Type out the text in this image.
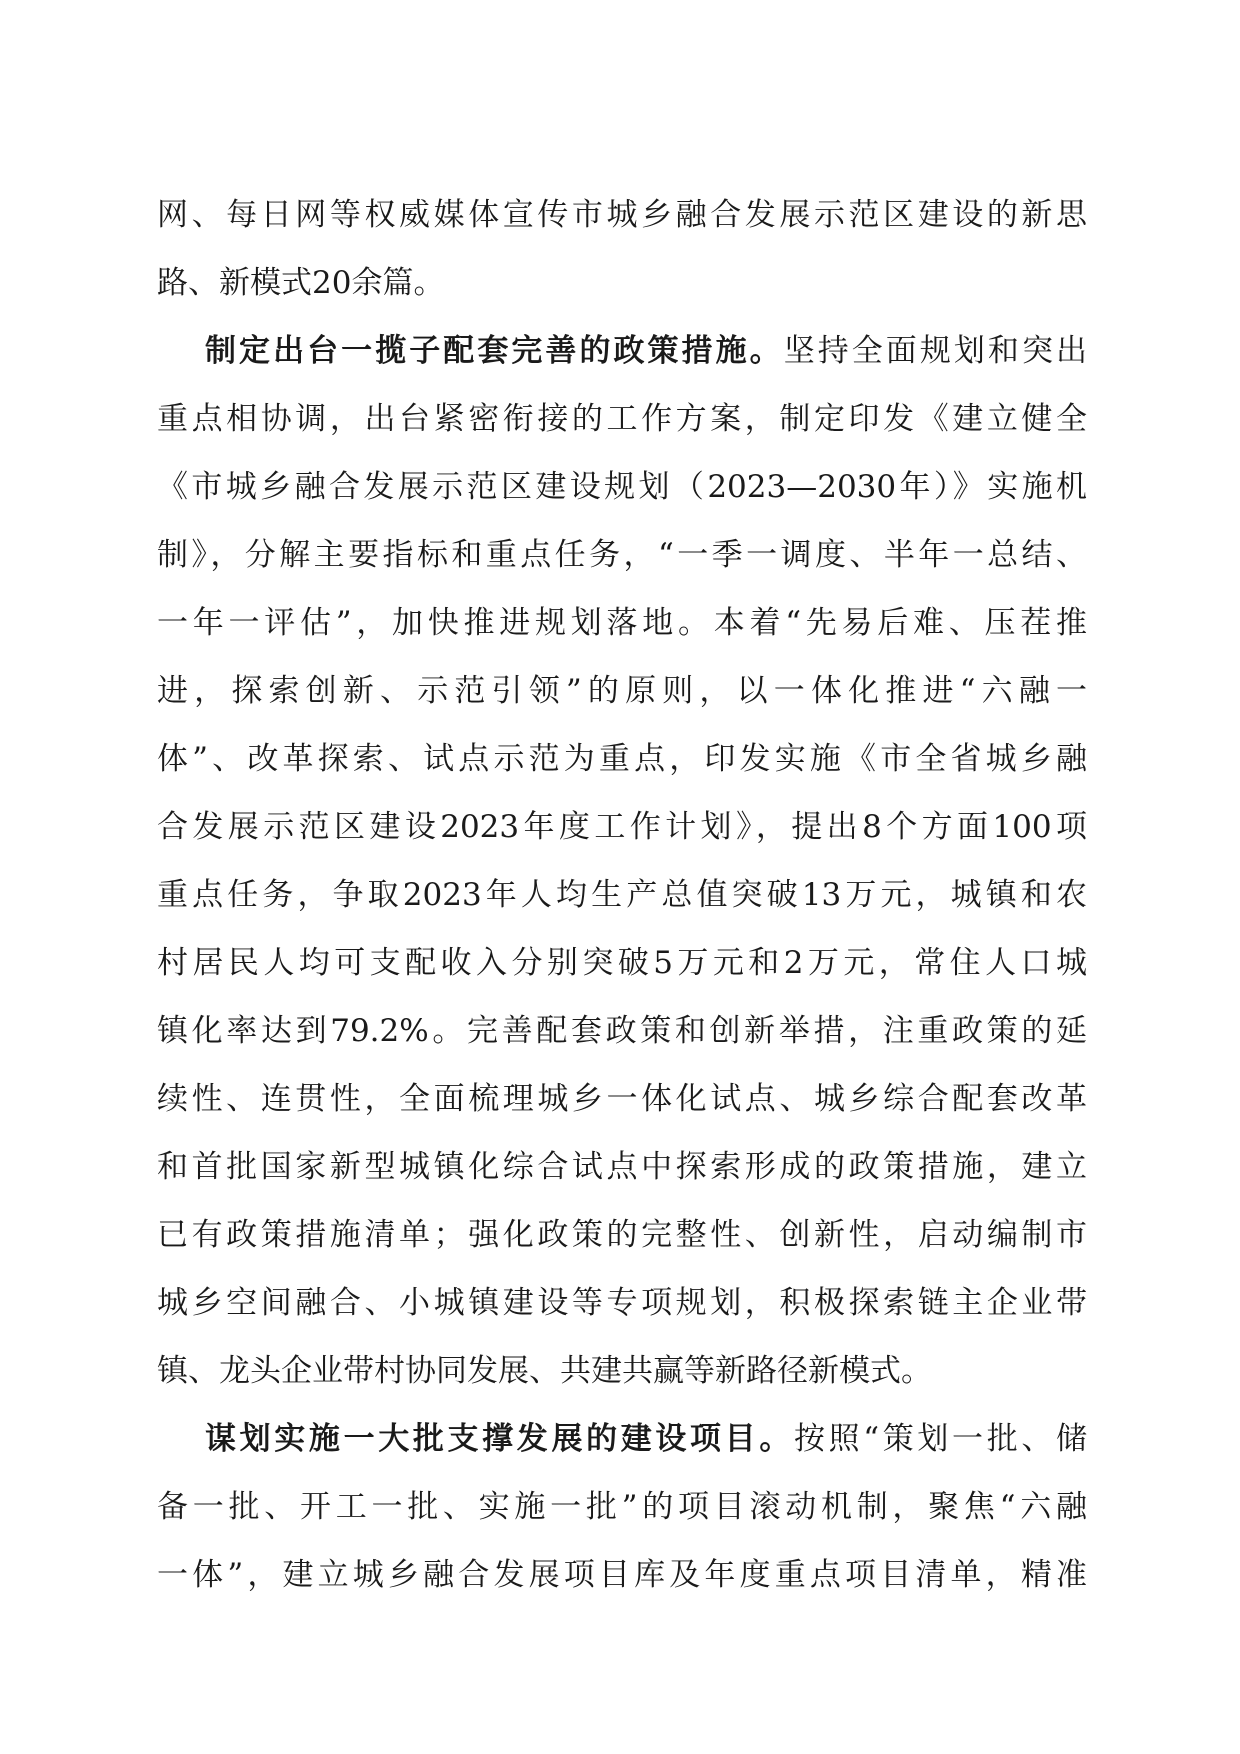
网、每日网等权威媒体宣传市城乡融合发展示范区建设的新思
路、新模式20余篇。
制定出台一揽子配套完善的政策措施。坚持全面规划和突出
重点相协调，出台紧密衔接的工作方案，制定印发《建立健全
《市城乡融合发展示范区建设规划（2023—2030年）》实施机
制》，分解主要指标和重点任务，“一季一调度、半年一总结、
一年一评估”，加快推进规划落地。本着“先易后难、压茬推
进，探索创新、示范引领”的原则，以一体化推进“六融一
体”、改革探索、试点示范为重点，印发实施《市全省城乡融
合发展示范区建设2023年度工作计划》，提出8个方面100项
重点任务，争取2023年人均生产总值突破13万元，城镇和农
村居民人均可支配收入分别突破5万元和2万元，常住人口城
镇化率达到79.2%。完善配套政策和创新举措，注重政策的延
续性、连贯性，全面梳理城乡一体化试点、城乡综合配套改革
和首批国家新型城镇化综合试点中探索形成的政策措施，建立
已有政策措施清单；强化政策的完整性、创新性，启动编制市
城乡空间融合、小城镇建设等专项规划，积极探索链主企业带
镇、龙头企业带村协同发展、共建共赢等新路径新模式。
谋划实施一大批支撑发展的建设项目。按照“策划一批、储
备一批、开工一批、实施一批”的项目滚动机制，聚焦“六融
一体”，建立城乡融合发展项目库及年度重点项目清单，精准
